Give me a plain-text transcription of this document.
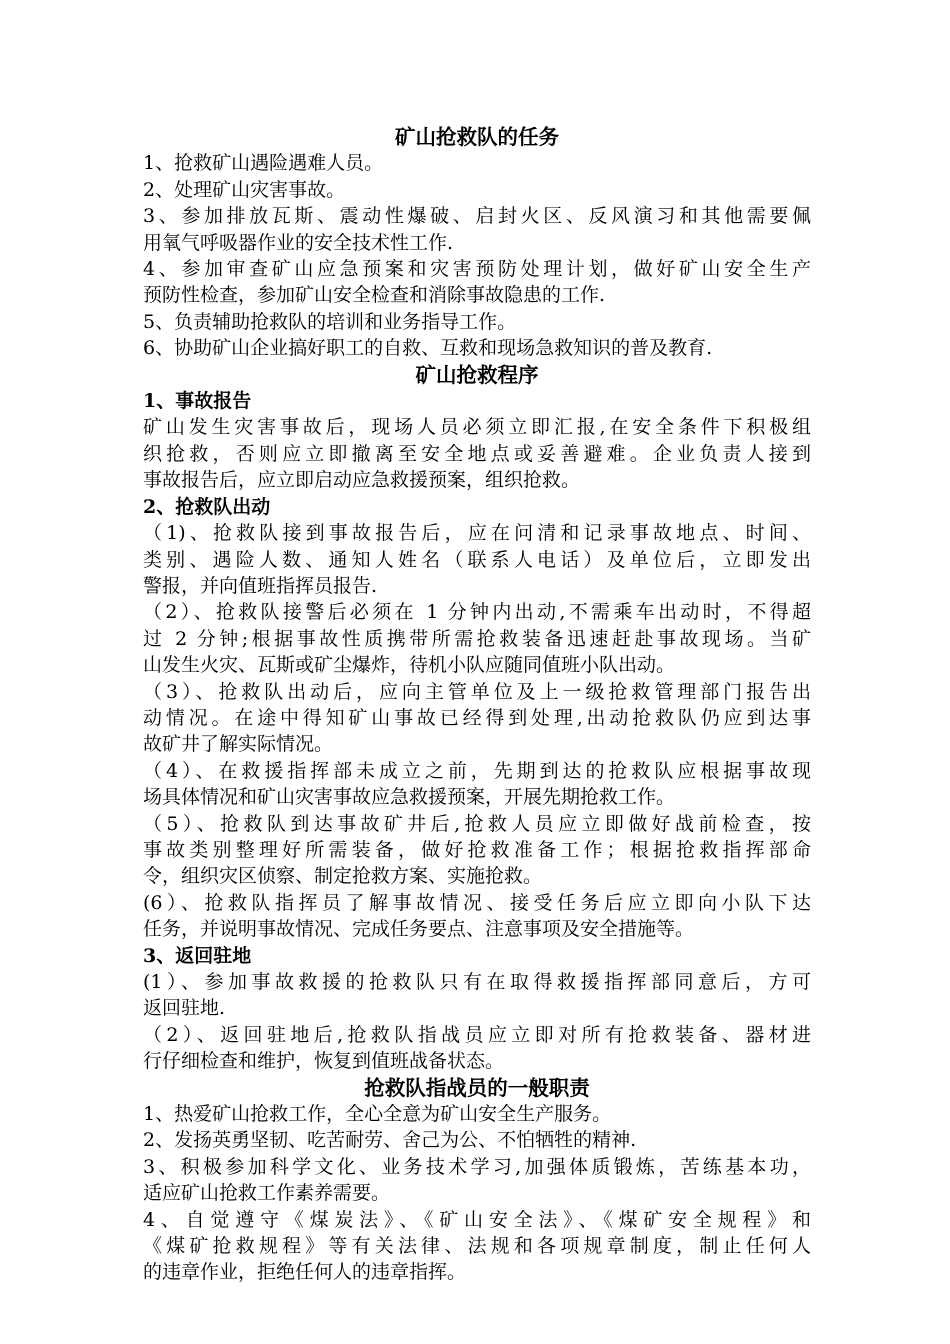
矿山抢救队的任务
1、抢救矿山遇险遇难人员。
2、处理矿山灾害事故。
3、参加排放瓦斯、震动性爆破、启封火区、反风演习和其他需要佩
用氧气呼吸器作业的安全技术性工作.
4、参加审查矿山应急预案和灾害预防处理计划，做好矿山安全生产
预防性检查，参加矿山安全检查和消除事故隐患的工作.
5、负责辅助抢救队的培训和业务指导工作。
6、协助矿山企业搞好职工的自救、互救和现场急救知识的普及教育.
矿山抢救程序
1、事故报告
矿山发生灾害事故后，现场人员必须立即汇报,在安全条件下积极组
织抢救，否则应立即撤离至安全地点或妥善避难。企业负责人接到
事故报告后，应立即启动应急救援预案，组织抢救。
2、抢救队出动
（1)、抢救队接到事故报告后，应在问清和记录事故地点、时间、
类别、遇险人数、通知人姓名（联系人电话）及单位后，立即发出
警报，并向值班指挥员报告.
（2）、抢救队接警后必须在 1 分钟内出动,不需乘车出动时，不得超
过 2 分钟;根据事故性质携带所需抢救装备迅速赶赴事故现场。当矿
山发生火灾、瓦斯或矿尘爆炸，待机小队应随同值班小队出动。
（3）、抢救队出动后，应向主管单位及上一级抢救管理部门报告出
动情况。在途中得知矿山事故已经得到处理,出动抢救队仍应到达事
故矿井了解实际情况。
（4）、在救援指挥部未成立之前，先期到达的抢救队应根据事故现
场具体情况和矿山灾害事故应急救援预案，开展先期抢救工作。
（5）、抢救队到达事故矿井后,抢救人员应立即做好战前检查，按
事故类别整理好所需装备，做好抢救准备工作；根据抢救指挥部命
令，组织灾区侦察、制定抢救方案、实施抢救。
(6）、抢救队指挥员了解事故情况、接受任务后应立即向小队下达
任务，并说明事故情况、完成任务要点、注意事项及安全措施等。
3、返回驻地
(1）、参加事故救援的抢救队只有在取得救援指挥部同意后，方可
返回驻地.
（2）、返回驻地后,抢救队指战员应立即对所有抢救装备、器材进
行仔细检查和维护，恢复到值班战备状态。
抢救队指战员的一般职责
1、热爱矿山抢救工作，全心全意为矿山安全生产服务。
2、发扬英勇坚韧、吃苦耐劳、舍己为公、不怕牺牲的精神.
3、积极参加科学文化、业务技术学习,加强体质锻炼，苦练基本功，
适应矿山抢救工作素养需要。
4、自觉遵守《煤炭法》、《矿山安全法》、《煤矿安全规程》和
《煤矿抢救规程》等有关法律、法规和各项规章制度，制止任何人
的违章作业，拒绝任何人的违章指挥。
